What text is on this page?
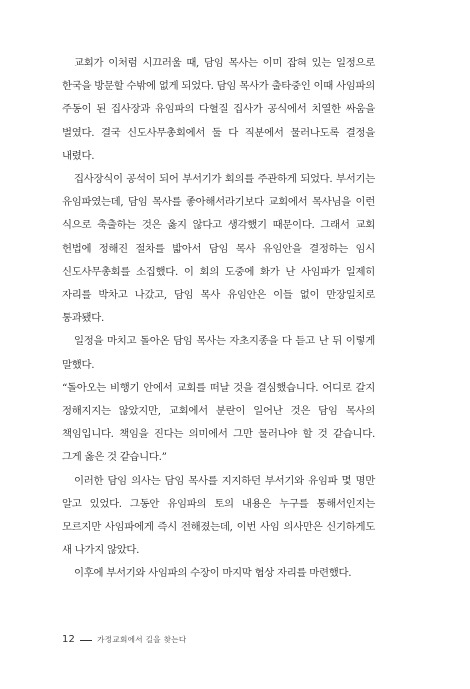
교회가 이처럼 시끄러울 때, 담임 목사는 이미 잡혀 있는 일정으로 한국을 방문할 수밖에 없게 되었다. 담임 목사가 출타중인 이때 사임파의 주동이 된 집사장과 유임파의 다혈질 집사가 공식에서 치열한 싸움을 벌였다. 결국 신도사무총회에서 둘 다 직분에서 물러나도록 결정을 내렸다.

집사장식이 공석이 되어 부서기가 회의를 주관하게 되었다. 부서기는 유임파였는데, 담임 목사를 좋아해서라기보다 교회에서 목사님을 이런 식으로 축출하는 것은 옳지 않다고 생각했기 때문이다. 그래서 교회 헌법에 정해진 절차를 밟아서 담임 목사 유임안을 결정하는 임시 신도사무총회를 소집했다. 이 회의 도중에 화가 난 사임파가 일제히 자리를 박차고 나갔고, 담임 목사 유임안은 이들 없이 만장일치로 통과됐다.

일정을 마치고 돌아온 담임 목사는 자초지종을 다 듣고 난 뒤 이렇게 말했다.

“돌아오는 비행기 안에서 교회를 떠날 것을 결심했습니다. 어디로 갈지 정해지지는 않았지만, 교회에서 분란이 일어난 것은 담임 목사의 책임입니다. 책임을 진다는 의미에서 그만 물러나야 할 것 같습니다. 그게 옳은 것 같습니다.”

이러한 담임 의사는 담임 목사를 지지하던 부서기와 유임파 몇 명만 알고 있었다. 그동안 유임파의 토의 내용은 누구를 통해서인지는 모르지만 사임파에게 즉시 전해졌는데, 이번 사임 의사만은 신기하게도 새 나가지 않았다.

이후에 부서기와 사임파의 수장이 마지막 협상 자리를 마련했다.

12	가정교회에서 길을 찾는다
